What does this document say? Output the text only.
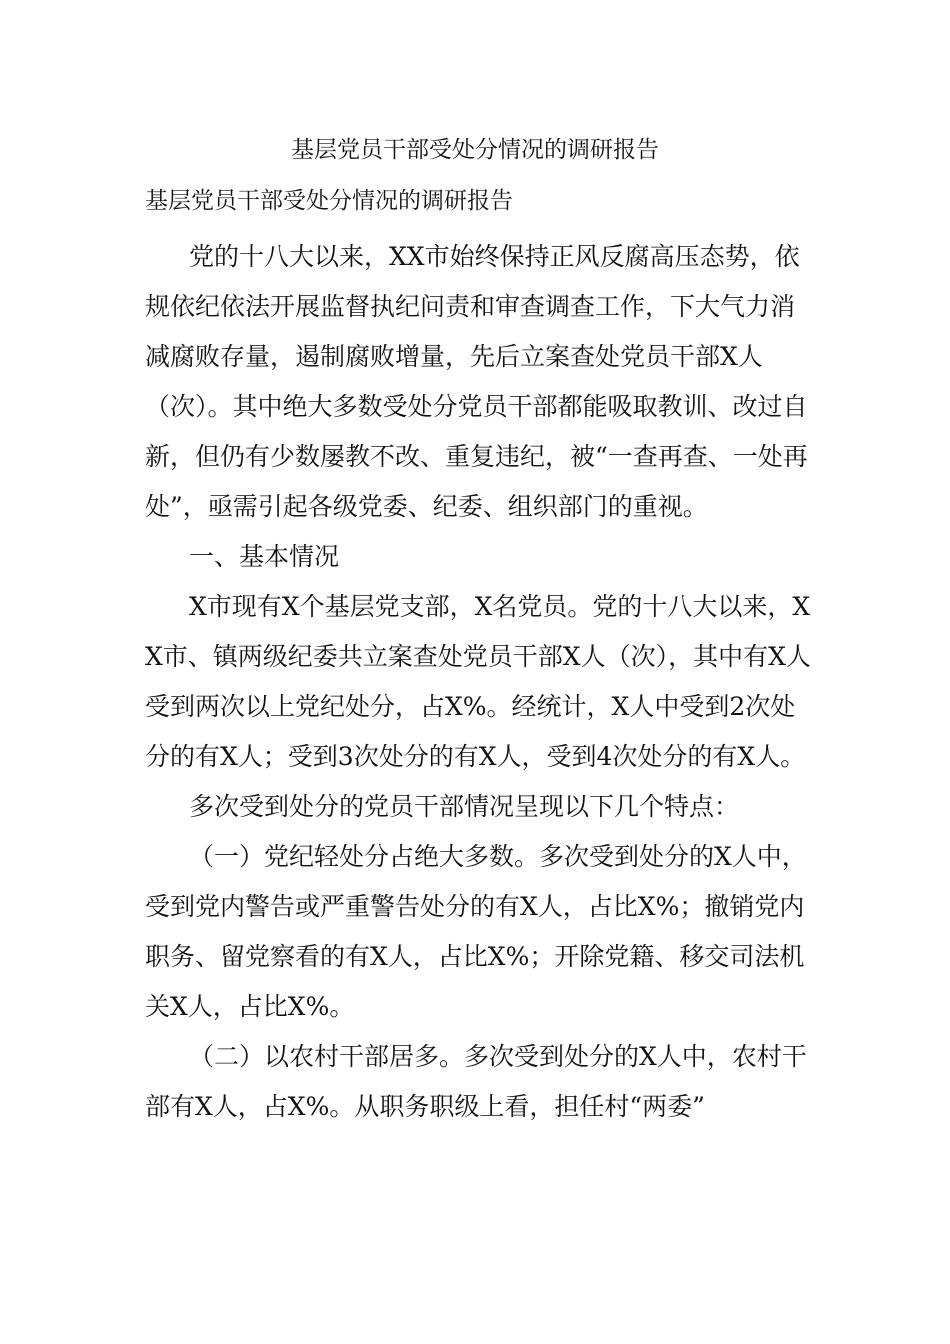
基层党员干部受处分情况的调研报告
基层党员干部受处分情况的调研报告

党的十八大以来，XX市始终保持正风反腐高压态势，依规依纪依法开展监督执纪问责和审查调查工作，下大气力消减腐败存量，遏制腐败增量，先后立案查处党员干部X人（次）。其中绝大多数受处分党员干部都能吸取教训、改过自新，但仍有少数屡教不改、重复违纪，被“一查再查、一处再处”，亟需引起各级党委、纪委、组织部门的重视。

一、基本情况

X市现有X个基层党支部，X名党员。党的十八大以来，XX市、镇两级纪委共立案查处党员干部X人（次），其中有X人受到两次以上党纪处分，占X%。经统计，X人中受到2次处分的有X人；受到3次处分的有X人，受到4次处分的有X人。

多次受到处分的党员干部情况呈现以下几个特点：

（一）党纪轻处分占绝大多数。多次受到处分的X人中，受到党内警告或严重警告处分的有X人，占比X%；撤销党内职务、留党察看的有X人，占比X%；开除党籍、移交司法机关X人，占比X%。

（二）以农村干部居多。多次受到处分的X人中，农村干部有X人，占X%。从职务职级上看，担任村“两委”
